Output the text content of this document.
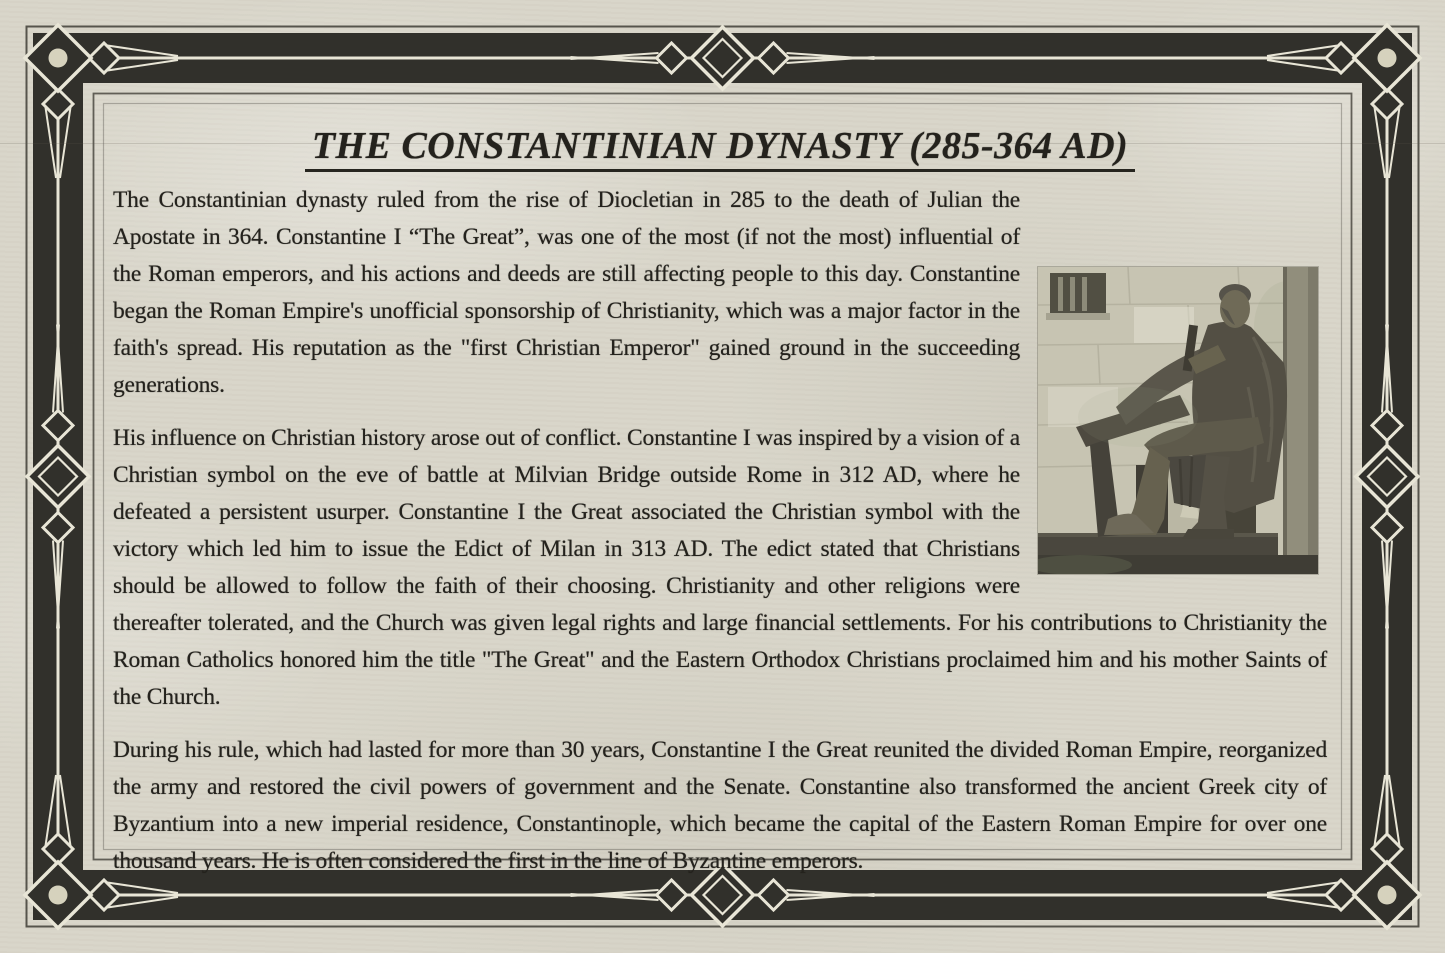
THE CONSTANTINIAN DYNASTY (285-364 AD)

The Constantinian dynasty ruled from the rise of Diocletian in 285 to the death of Julian the Apostate in 364. Constantine I “The Great”, was one of the most (if not the most) influential of the Roman emperors, and his actions and deeds are still affecting people to this day. Constantine began the Roman Empire's unofficial sponsorship of Christianity, which was a major factor in the faith's spread. His reputation as the "first Christian Emperor" gained ground in the succeeding generations.

His influence on Christian history arose out of conflict. Constantine I was inspired by a vision of a Christian symbol on the eve of battle at Milvian Bridge outside Rome in 312 AD, where he defeated a persistent usurper. Constantine I the Great associated the Christian symbol with the victory which led him to issue the Edict of Milan in 313 AD. The edict stated that Christians should be allowed to follow the faith of their choosing. Christianity and other religions were thereafter tolerated, and the Church was given legal rights and large financial settlements. For his contributions to Christianity the Roman Catholics honored him the title "The Great" and the Eastern Orthodox Christians proclaimed him and his mother Saints of the Church.

During his rule, which had lasted for more than 30 years, Constantine I the Great reunited the divided Roman Empire, reorganized the army and restored the civil powers of government and the Senate. Constantine also transformed the ancient Greek city of Byzantium into a new imperial residence, Constantinople, which became the capital of the Eastern Roman Empire for over one thousand years. He is often considered the first in the line of Byzantine emperors.
